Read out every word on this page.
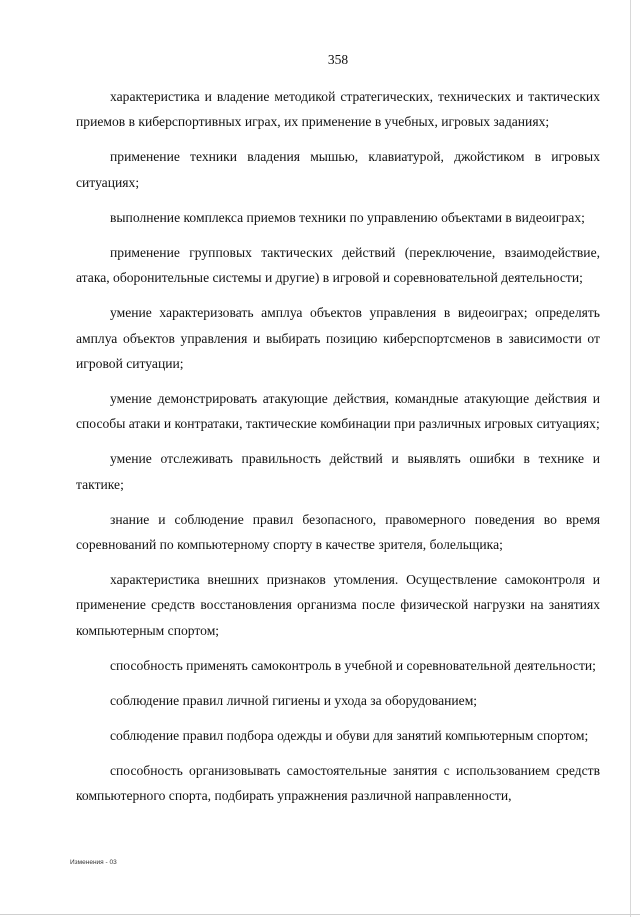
358

характеристика и владение методикой стратегических, технических и тактических приемов в киберспортивных играх, их применение в учебных, игровых заданиях;

применение техники владения мышью, клавиатурой, джойстиком в игровых ситуациях;

выполнение комплекса приемов техники по управлению объектами в видеоиграх;

применение групповых тактических действий (переключение, взаимодействие, атака, оборонительные системы и другие) в игровой и соревновательной деятельности;

умение характеризовать амплуа объектов управления в видеоиграх; определять амплуа объектов управления и выбирать позицию киберспортсменов в зависимости от игровой ситуации;

умение демонстрировать атакующие действия, командные атакующие действия и способы атаки и контратаки, тактические комбинации при различных игровых ситуациях;

умение отслеживать правильность действий и выявлять ошибки в технике и тактике;

знание и соблюдение правил безопасного, правомерного поведения во время соревнований по компьютерному спорту в качестве зрителя, болельщика;

характеристика внешних признаков утомления. Осуществление самоконтроля и применение средств восстановления организма после физической нагрузки на занятиях компьютерным спортом;

способность применять самоконтроль в учебной и соревновательной деятельности;

соблюдение правил личной гигиены и ухода за оборудованием;

соблюдение правил подбора одежды и обуви для занятий компьютерным спортом;

способность организовывать самостоятельные занятия с использованием средств компьютерного спорта, подбирать упражнения различной направленности,

Изменения - 03
